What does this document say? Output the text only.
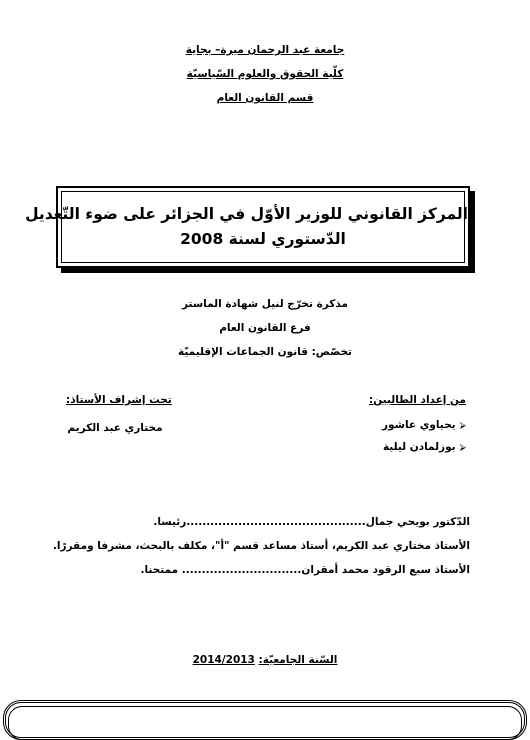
جامعة عبد الرحمان ميرة– بجاية
كلّية الحقوق والعلوم السّياسيّة
قسم القانون العام
المركز القانوني للوزير الأوّل في الجزائر على ضوء التّعديل
الدّستوري لسنة 2008
مذكرة تخرّج لنيل شهادة الماستر
فرع القانون العام
تخصّص: قانون الجماعات الإقليميّة
من إعداد الطالبين:
تحت إشراف الأستاذ:
⮚يحياوي عاشور
⮚بوزلمادن ليلية
مختاري عبد الكريم
الدّكتور بويحي جمال.............................................رئيسا.
الأستاذ مختاري عبد الكريم، أستاذ مساعد قسم "أ"، مكلف بالبحث، مشرفا ومقررًا.
الأستاذ سبع الرقود محمد أمقران.............................. ممتحنا.
السّنة الجامعيّة: 2014/2013
